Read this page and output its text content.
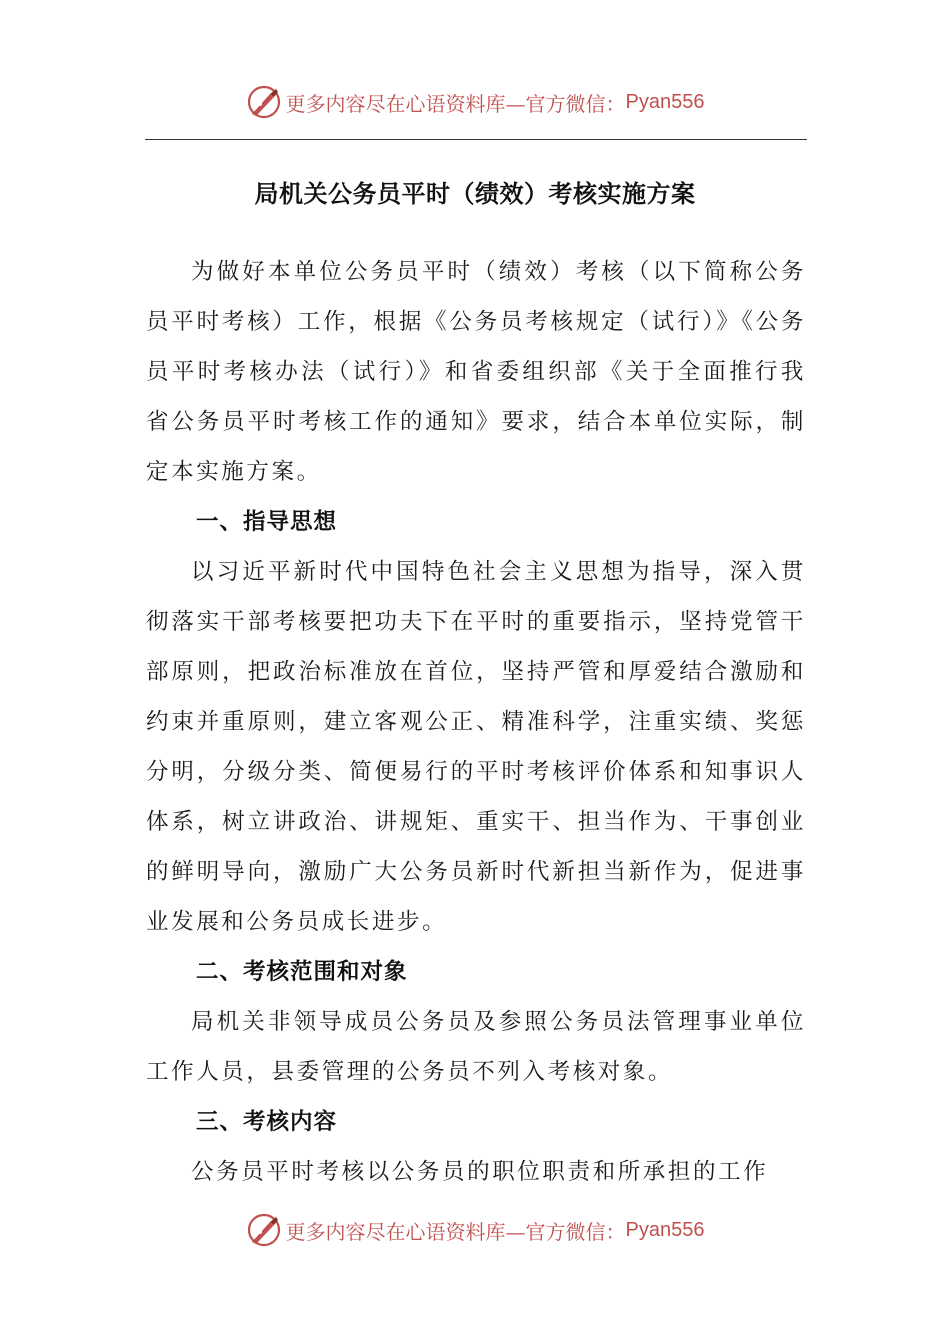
更多内容尽在心语资料库—官方微信： Pyan556
局机关公务员平时（绩效）考核实施方案

为做好本单位公务员平时（绩效）考核（以下简称公务员平时考核）工作，根据《公务员考核规定（试行）》《公务员平时考核办法（试行）》和省委组织部《关于全面推行我省公务员平时考核工作的通知》要求，结合本单位实际，制定本实施方案。

一、指导思想

以习近平新时代中国特色社会主义思想为指导，深入贯彻落实干部考核要把功夫下在平时的重要指示，坚持党管干部原则，把政治标准放在首位，坚持严管和厚爱结合激励和约束并重原则，建立客观公正、精准科学，注重实绩、奖惩分明，分级分类、简便易行的平时考核评价体系和知事识人体系，树立讲政治、讲规矩、重实干、担当作为、干事创业的鲜明导向，激励广大公务员新时代新担当新作为，促进事业发展和公务员成长进步。

二、考核范围和对象

局机关非领导成员公务员及参照公务员法管理事业单位工作人员，县委管理的公务员不列入考核对象。

三、考核内容

公务员平时考核以公务员的职位职责和所承担的工作

更多内容尽在心语资料库—官方微信： Pyan556
